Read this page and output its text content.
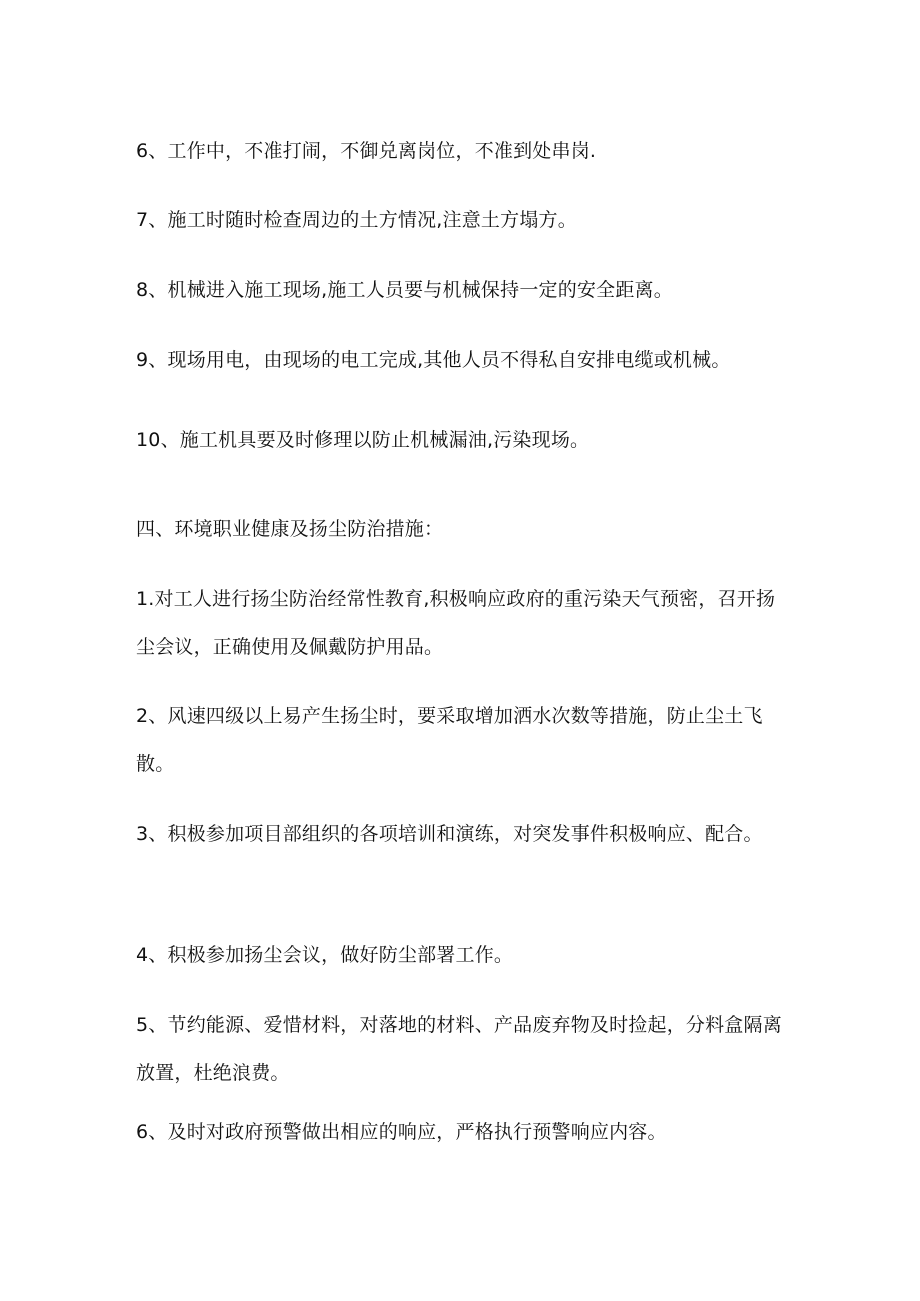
6、工作中，不准打闹，不御兑离岗位，不准到处串岗.

7、施工时随时检查周边的土方情况,注意土方塌方。

8、机械进入施工现场,施工人员要与机械保持一定的安全距离。

9、现场用电，由现场的电工完成,其他人员不得私自安排电缆或机械。

10、施工机具要及时修理以防止机械漏油,污染现场。

四、环境职业健康及扬尘防治措施：

1.对工人进行扬尘防治经常性教育,积极响应政府的重污染天气预密，召开扬尘会议，正确使用及佩戴防护用品。

2、风速四级以上易产生扬尘时，要采取增加洒水次数等措施，防止尘土飞散。

3、积极参加项目部组织的各项培训和演练，对突发事件积极响应、配合。

4、积极参加扬尘会议，做好防尘部署工作。

5、节约能源、爱惜材料，对落地的材料、产品废弃物及时捡起，分料盒隔离放置，杜绝浪费。

6、及时对政府预警做出相应的响应，严格执行预警响应内容。
